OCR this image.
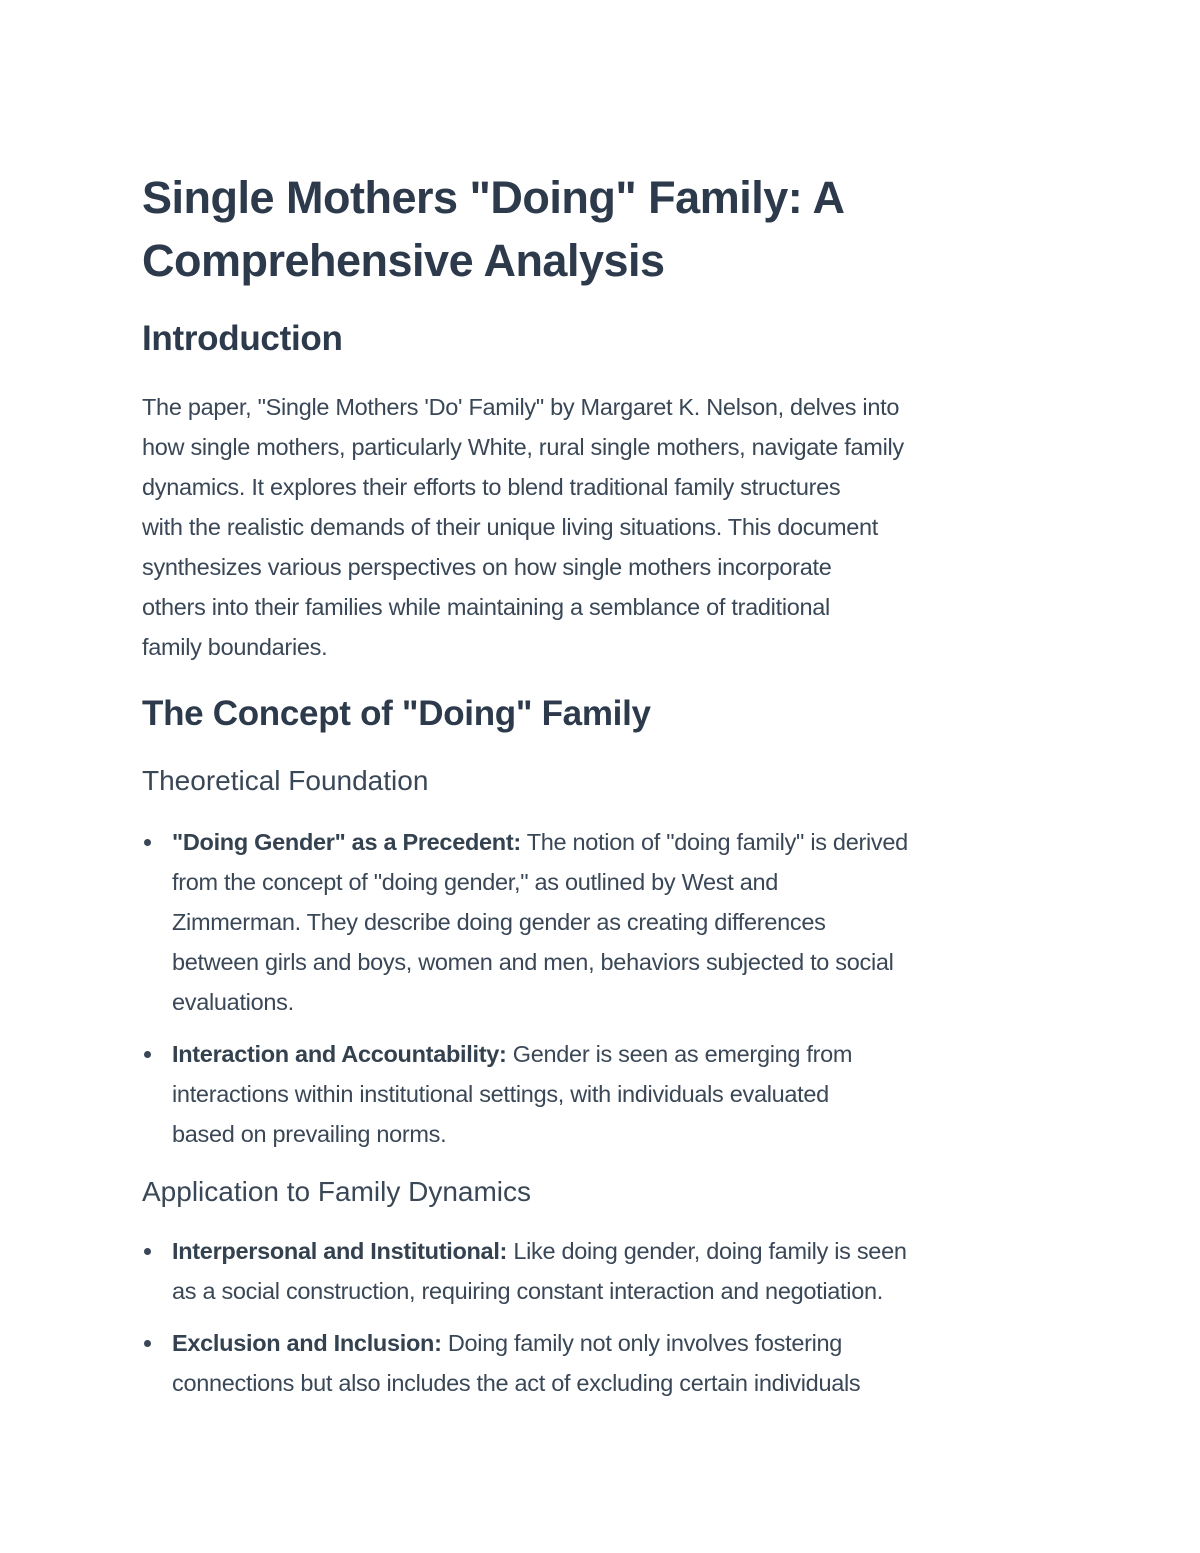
Single Mothers "Doing" Family: A
Comprehensive Analysis
Introduction

The paper, "Single Mothers 'Do' Family" by Margaret K. Nelson, delves into
how single mothers, particularly White, rural single mothers, navigate family
dynamics. It explores their efforts to blend traditional family structures
with the realistic demands of their unique living situations. This document
synthesizes various perspectives on how single mothers incorporate
others into their families while maintaining a semblance of traditional
family boundaries.

The Concept of "Doing" Family
Theoretical Foundation
"Doing Gender" as a Precedent: The notion of "doing family" is derived
from the concept of "doing gender," as outlined by West and
Zimmerman. They describe doing gender as creating differences
between girls and boys, women and men, behaviors subjected to social
evaluations.
Interaction and Accountability: Gender is seen as emerging from
interactions within institutional settings, with individuals evaluated
based on prevailing norms.
Application to Family Dynamics
Interpersonal and Institutional: Like doing gender, doing family is seen
as a social construction, requiring constant interaction and negotiation.
Exclusion and Inclusion: Doing family not only involves fostering
connections but also includes the act of excluding certain individuals
